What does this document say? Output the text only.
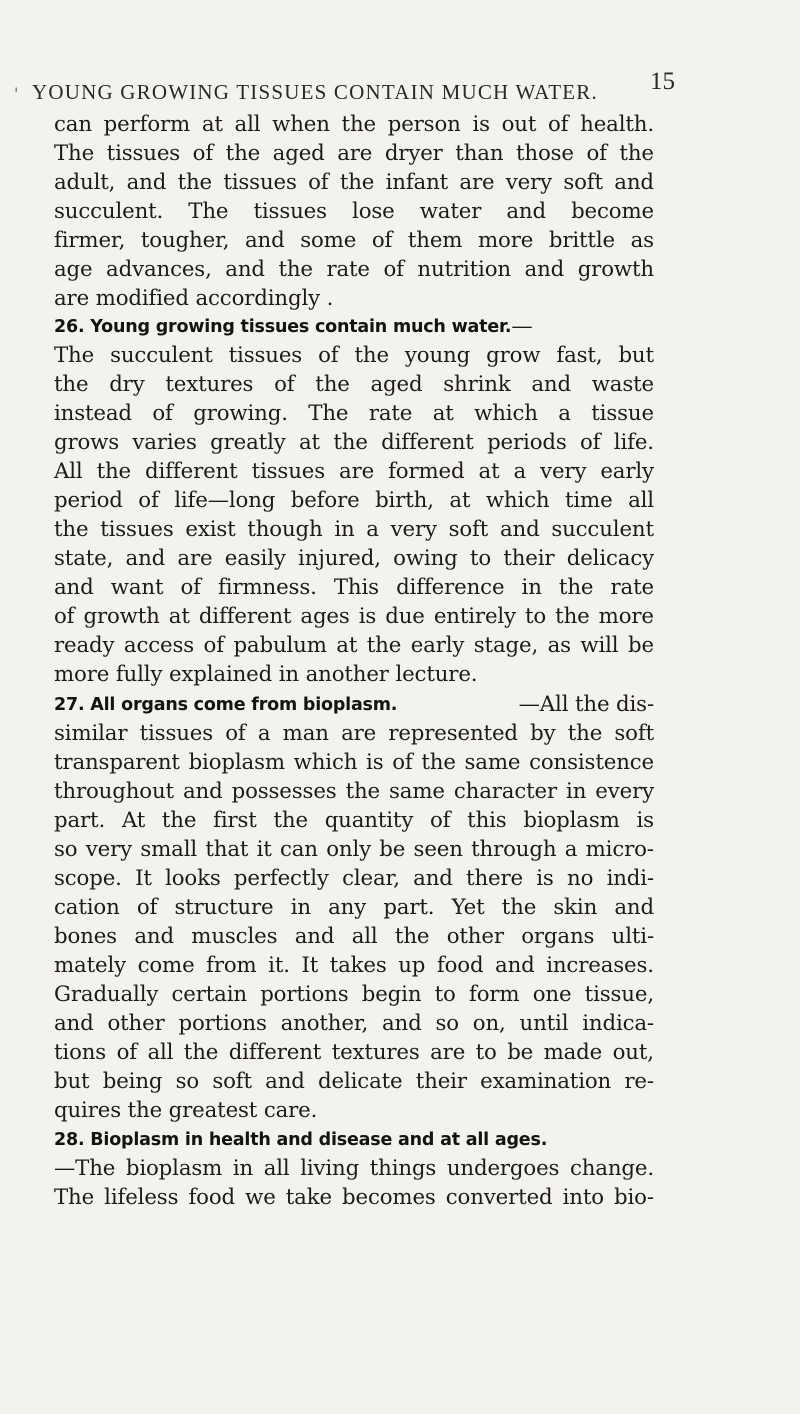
' YOUNG GROWING TISSUES CONTAIN MUCH WATER. 15
can perform at all when the person is out of health.
The tissues of the aged are dryer than those of the
adult, and the tissues of the infant are very soft and
succulent. The tissues lose water and become
firmer, tougher, and some of them more brittle as
age advances, and the rate of nutrition and growth
are modified accordingly .
26. Young growing tissues contain much water. —
The succulent tissues of the young grow fast, but
the dry textures of the aged shrink and waste
instead of growing. The rate at which a tissue
grows varies greatly at the different periods of life.
All the different tissues are formed at a very early
period of life—long before birth, at which time all
the tissues exist though in a very soft and succulent
state, and are easily injured, owing to their delicacy
and want of firmness. This difference in the rate
of growth at different ages is due entirely to the more
ready access of pabulum at the early stage, as will be
more fully explained in another lecture.
27. All organs come from bioplasm.	—All the dis-
similar tissues of a man are represented by the soft
transparent bioplasm which is of the same consistence
throughout and possesses the same character in every
part. At the first the quantity of this bioplasm is
so very small that it can only be seen through a micro-
scope. It looks perfectly clear, and there is no indi-
cation of structure in any part. Yet the skin and
bones and muscles and all the other organs ulti-
mately come from it. It takes up food and increases.
Gradually certain portions begin to form one tissue,
and other portions another, and so on, until indica-
tions of all the different textures are to be made out,
but being so soft and delicate their examination re-
quires the greatest care.
28. Bioplasm in health and disease and at all ages.
—The bioplasm in all living things undergoes change.
The lifeless food we take becomes converted into bio-
